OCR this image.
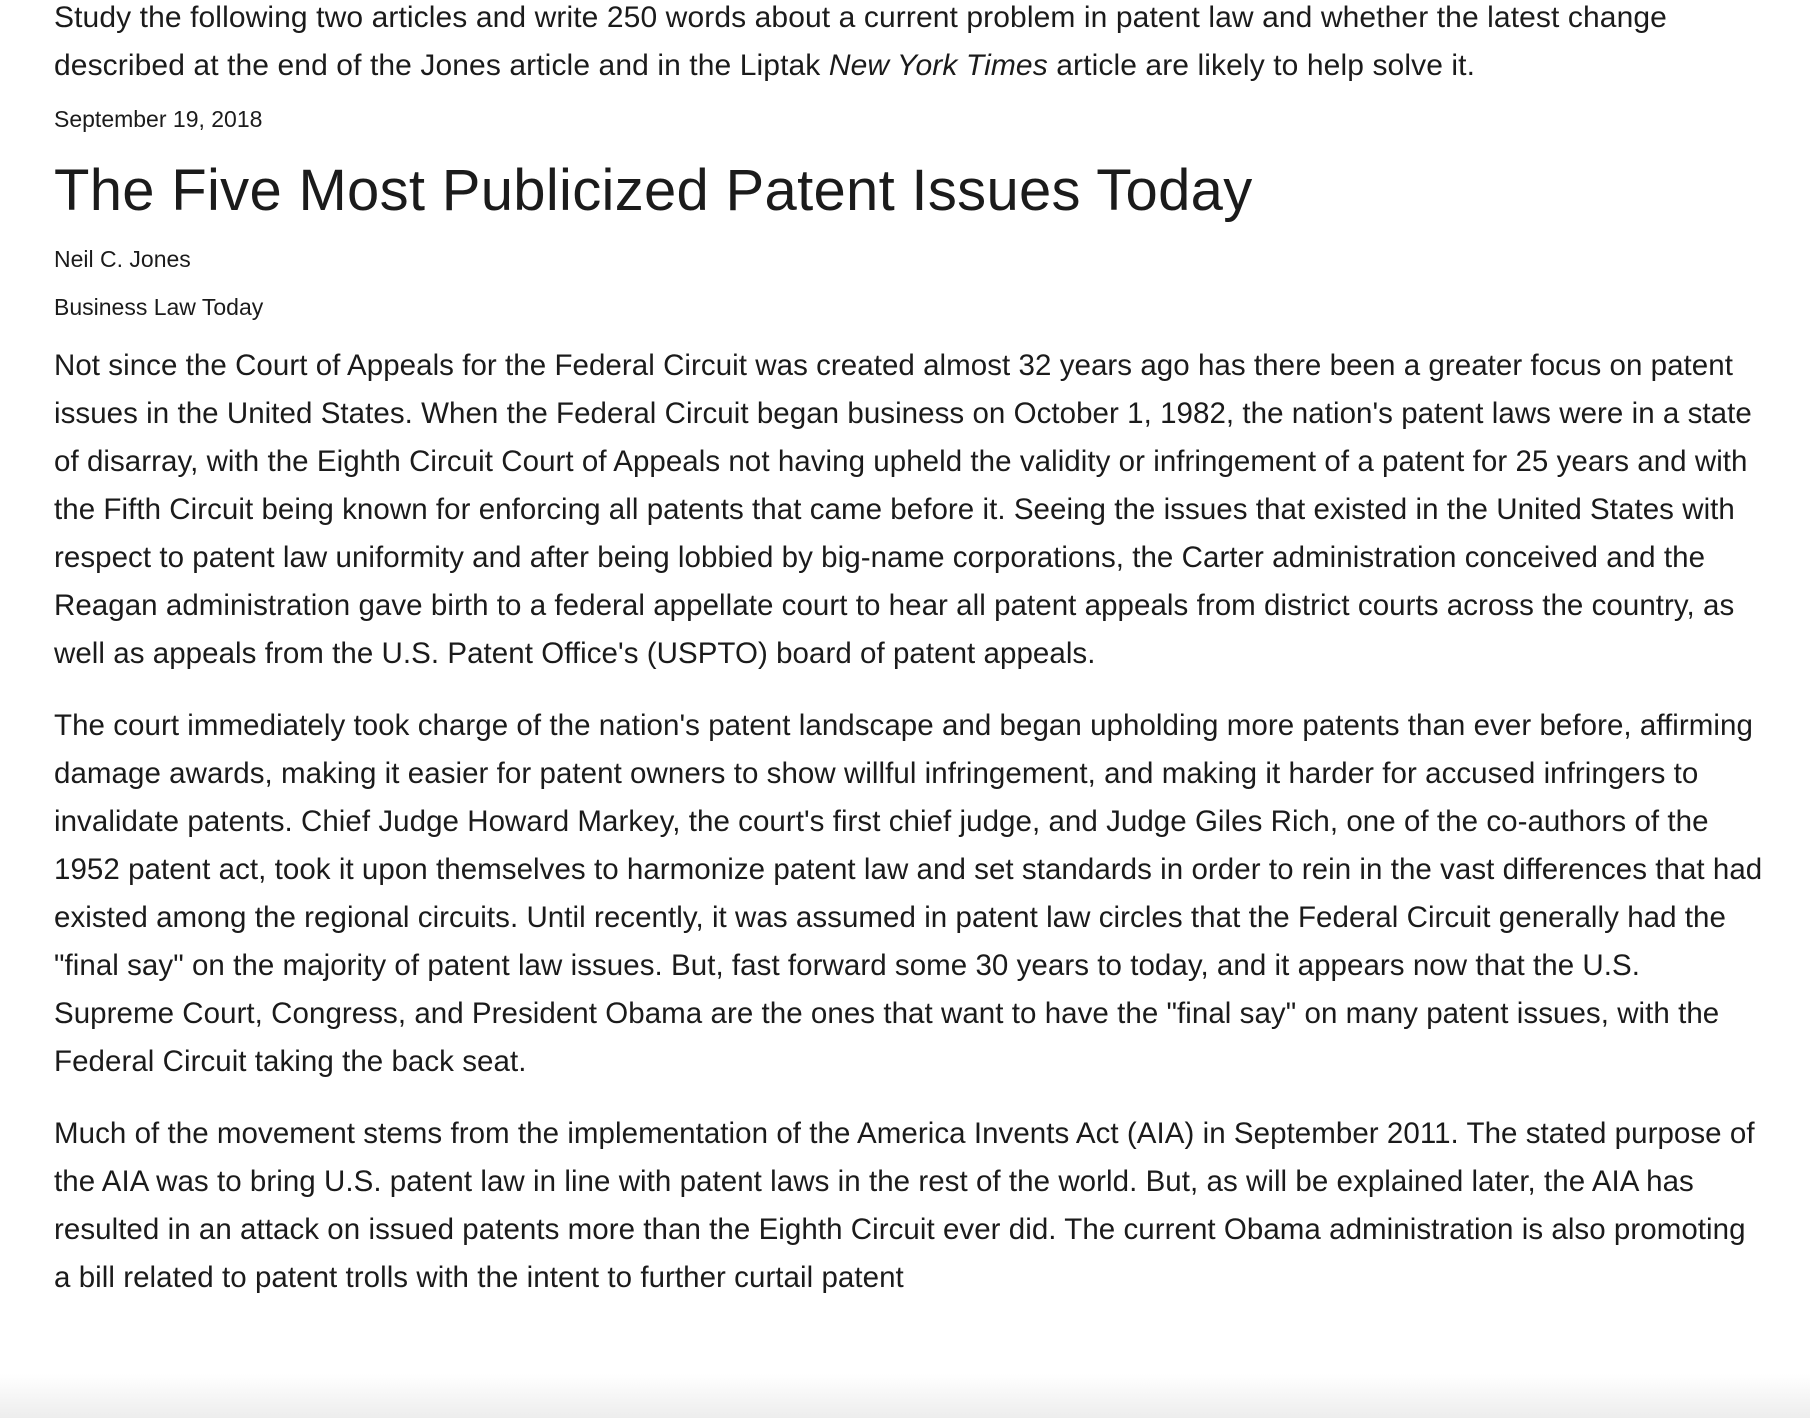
Study the following two articles and write 250 words about a current problem in patent law and whether the latest change described at the end of the Jones article and in the Liptak New York Times article are likely to help solve it.

September 19, 2018

The Five Most Publicized Patent Issues Today

Neil C. Jones

Business Law Today

Not since the Court of Appeals for the Federal Circuit was created almost 32 years ago has there been a greater focus on patent issues in the United States. When the Federal Circuit began business on October 1, 1982, the nation's patent laws were in a state of disarray, with the Eighth Circuit Court of Appeals not having upheld the validity or infringement of a patent for 25 years and with the Fifth Circuit being known for enforcing all patents that came before it. Seeing the issues that existed in the United States with respect to patent law uniformity and after being lobbied by big-name corporations, the Carter administration conceived and the Reagan administration gave birth to a federal appellate court to hear all patent appeals from district courts across the country, as well as appeals from the U.S. Patent Office's (USPTO) board of patent appeals.

The court immediately took charge of the nation's patent landscape and began upholding more patents than ever before, affirming damage awards, making it easier for patent owners to show willful infringement, and making it harder for accused infringers to invalidate patents. Chief Judge Howard Markey, the court's first chief judge, and Judge Giles Rich, one of the co-authors of the 1952 patent act, took it upon themselves to harmonize patent law and set standards in order to rein in the vast differences that had existed among the regional circuits. Until recently, it was assumed in patent law circles that the Federal Circuit generally had the "final say" on the majority of patent law issues. But, fast forward some 30 years to today, and it appears now that the U.S. Supreme Court, Congress, and President Obama are the ones that want to have the "final say" on many patent issues, with the Federal Circuit taking the back seat.

Much of the movement stems from the implementation of the America Invents Act (AIA) in September 2011. The stated purpose of the AIA was to bring U.S. patent law in line with patent laws in the rest of the world. But, as will be explained later, the AIA has resulted in an attack on issued patents more than the Eighth Circuit ever did. The current Obama administration is also promoting a bill related to patent trolls with the intent to further curtail patent
